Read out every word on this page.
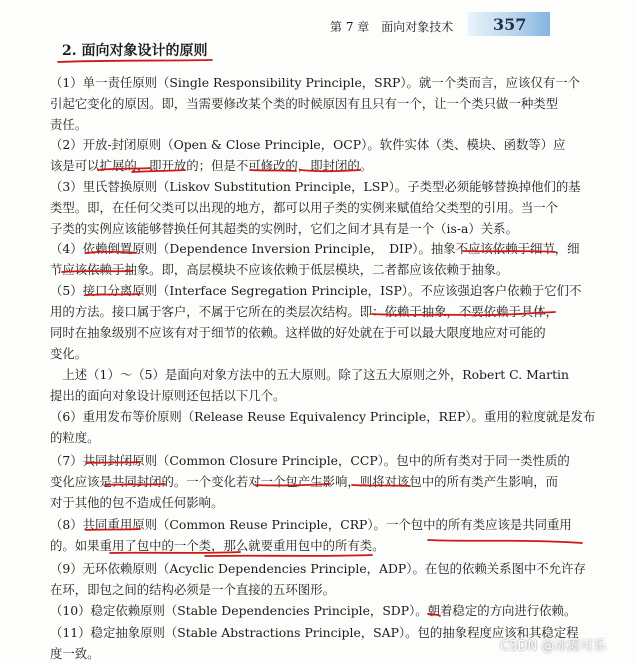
第 7 章　面向对象技术 357
2. 面向对象设计的原则
（1）单一责任原则（Single Responsibility Principle，SRP）。就一个类而言，应该仅有一个
引起它变化的原因。即，当需要修改某个类的时候原因有且只有一个，让一个类只做一种类型
责任。
（2）开放-封闭原则（Open & Close Principle，OCP）。软件实体（类、模块、函数等）应
该是可以扩展的，即开放的；但是不可修改的，即封闭的。
（3）里氏替换原则（Liskov Substitution Principle，LSP）。子类型必须能够替换掉他们的基
类型。即，在任何父类可以出现的地方，都可以用子类的实例来赋值给父类型的引用。当一个
子类的实例应该能够替换任何其超类的实例时，它们之间才具有是一个（is-a）关系。
（4）依赖倒置原则（Dependence Inversion Principle，　DIP）。抽象不应该依赖于细节，细
节应该依赖于抽象。即，高层模块不应该依赖于低层模块，二者都应该依赖于抽象。
（5）接口分离原则（Interface Segregation Principle，ISP）。不应该强迫客户依赖于它们不
用的方法。接口属于客户，不属于它所在的类层次结构。即：依赖于抽象，不要依赖于具体，
同时在抽象级别不应该有对于细节的依赖。这样做的好处就在于可以最大限度地应对可能的
变化。
　上述（1）～（5）是面向对象方法中的五大原则。除了这五大原则之外，Robert C. Martin
提出的面向对象设计原则还包括以下几个。
（6）重用发布等价原则（Release Reuse Equivalency Principle，REP）。重用的粒度就是发布
的粒度。
（7）共同封闭原则（Common Closure Principle，CCP）。包中的所有类对于同一类性质的
变化应该是共同封闭的。一个变化若对一个包产生影响，则将对该包中的所有类产生影响，而
对于其他的包不造成任何影响。
（8）共同重用原则（Common Reuse Principle，CRP）。一个包中的所有类应该是共同重用
的。如果重用了包中的一个类，那么就要重用包中的所有类。
（9）无环依赖原则（Acyclic Dependencies Principle，ADP）。在包的依赖关系图中不允许存
在环，即包之间的结构必须是一个直接的五环图形。
（10）稳定依赖原则（Stable Dependencies Principle，SDP）。朝着稳定的方向进行依赖。
（11）稳定抽象原则（Stable Abstractions Principle，SAP）。包的抽象程度应该和其稳定程
度一致。	CSDN @冰露可乐
